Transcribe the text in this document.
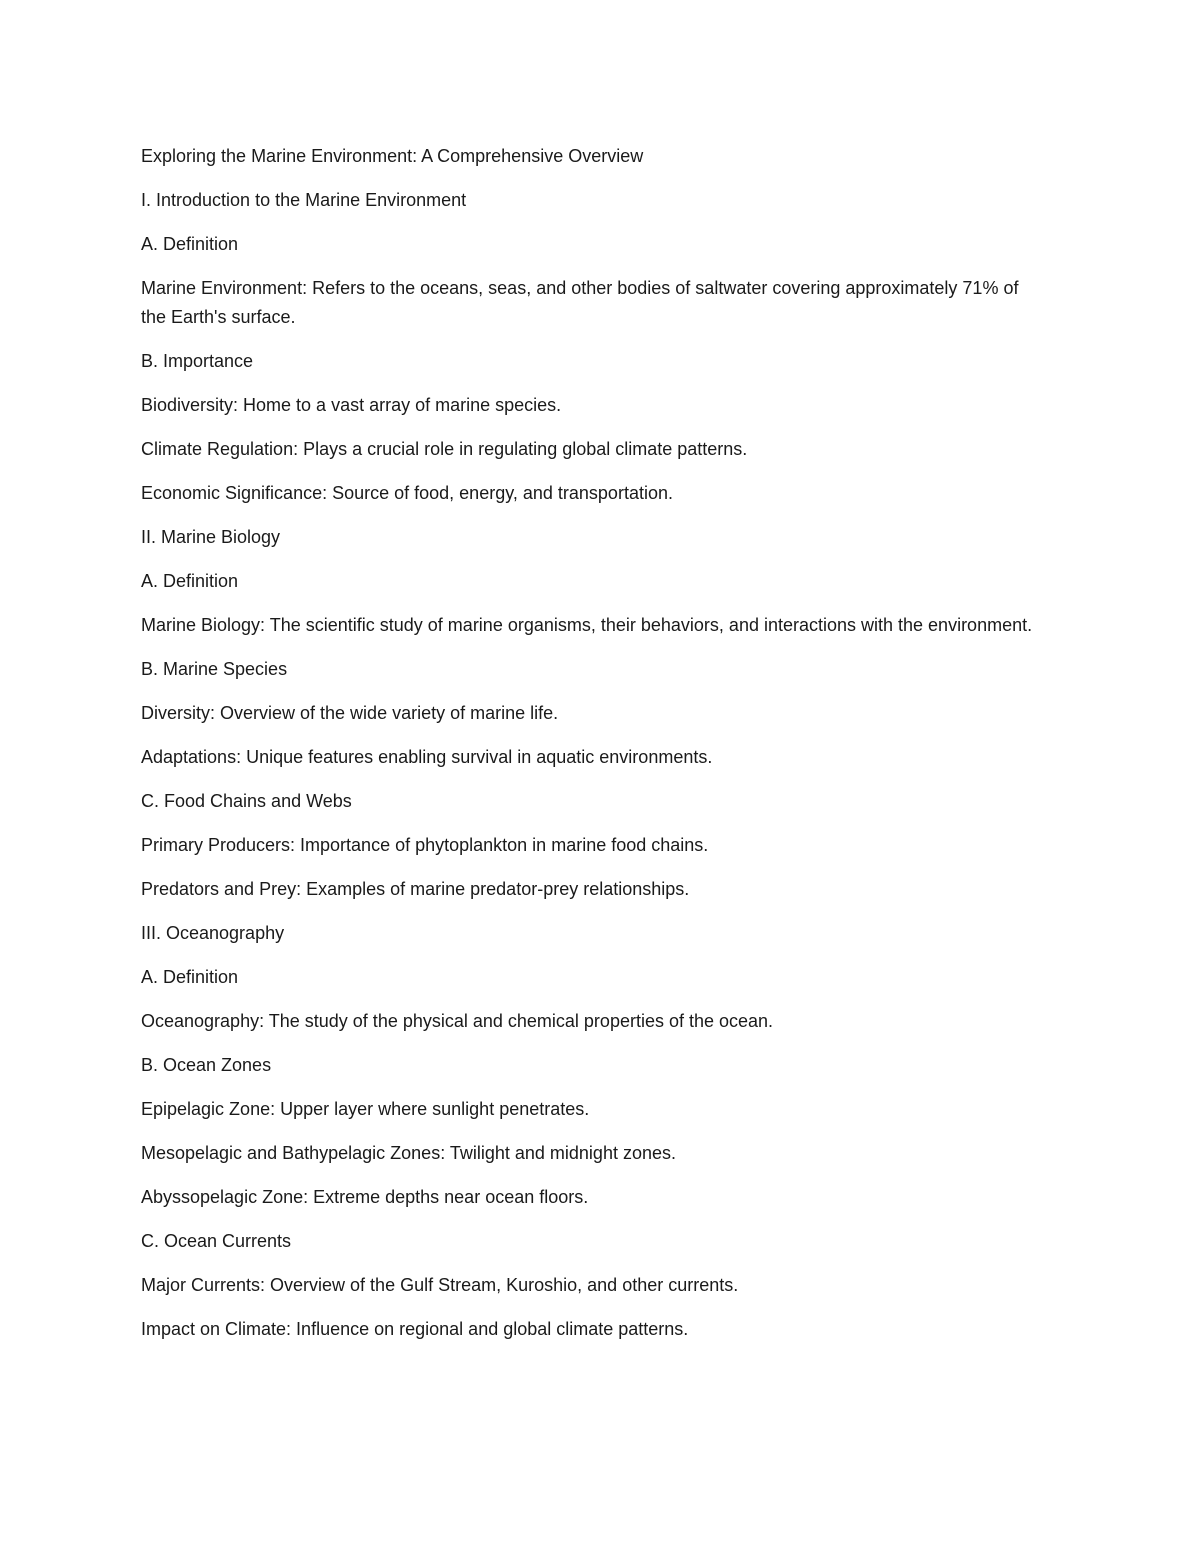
Exploring the Marine Environment: A Comprehensive Overview

I. Introduction to the Marine Environment

A. Definition

Marine Environment: Refers to the oceans, seas, and other bodies of saltwater covering approximately 71% of the Earth's surface.

B. Importance

Biodiversity: Home to a vast array of marine species.

Climate Regulation: Plays a crucial role in regulating global climate patterns.

Economic Significance: Source of food, energy, and transportation.

II. Marine Biology

A. Definition

Marine Biology: The scientific study of marine organisms, their behaviors, and interactions with the environment.

B. Marine Species

Diversity: Overview of the wide variety of marine life.

Adaptations: Unique features enabling survival in aquatic environments.

C. Food Chains and Webs

Primary Producers: Importance of phytoplankton in marine food chains.

Predators and Prey: Examples of marine predator-prey relationships.

III. Oceanography

A. Definition

Oceanography: The study of the physical and chemical properties of the ocean.

B. Ocean Zones

Epipelagic Zone: Upper layer where sunlight penetrates.

Mesopelagic and Bathypelagic Zones: Twilight and midnight zones.

Abyssopelagic Zone: Extreme depths near ocean floors.

C. Ocean Currents

Major Currents: Overview of the Gulf Stream, Kuroshio, and other currents.

Impact on Climate: Influence on regional and global climate patterns.
